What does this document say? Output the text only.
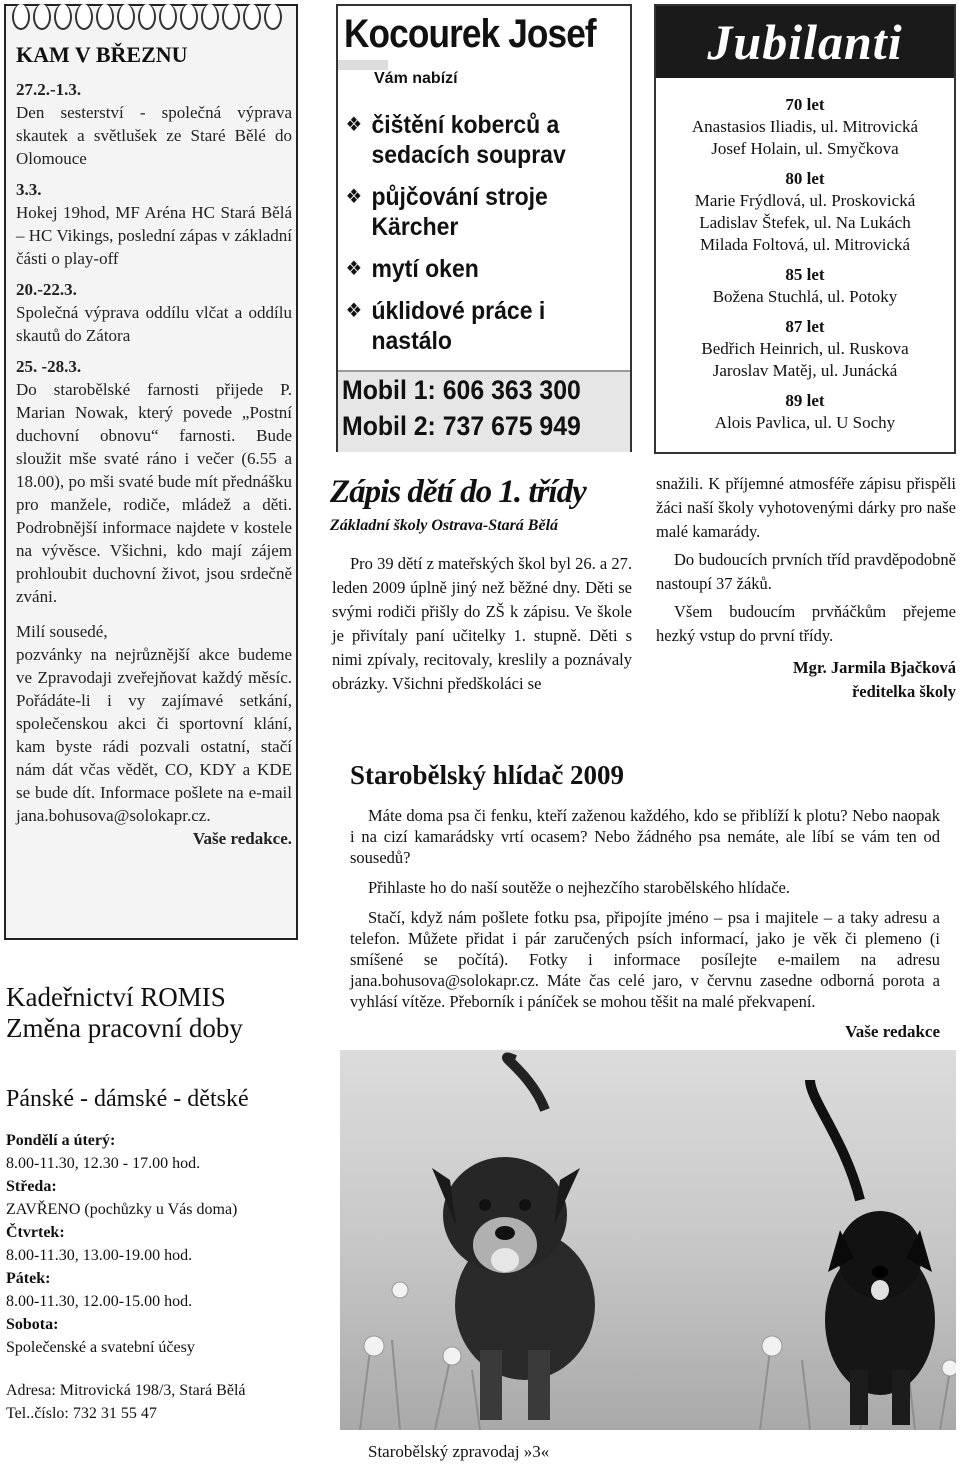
KAM V BŘEZNU
27.2.-1.3.

Den sesterství - společná výprava skautek a světlušek ze Staré Bělé do Olomouce

3.3.

Hokej 19hod, MF Aréna HC Stará Bělá – HC Vikings, poslední zápas v základní části o play-off

20.-22.3.

Společná výprava oddílu vlčat a oddílu skautů do Zátora

25. -28.3.

Do starobělské farnosti přijede P. Marian Nowak, který povede „Postní duchovní obnovu“ farnosti. Bude sloužit mše svaté ráno i večer (6.55 a 18.00), po mši svaté bude mít přednášku pro manžele, rodiče, mládež a děti. Podrobnější informace najdete v kostele na vývěsce. Všichni, kdo mají zájem prohloubit duchovní život, jsou srdečně zváni.

Milí sousedé,

pozvánky na nejrůznější akce budeme ve Zpravodaji zveřejňovat každý měsíc. Pořádáte-li i vy zajímavé setkání, společenskou akci či sportovní klání, kam byste rádi pozvali ostatní, stačí nám dát včas vědět, CO, KDY a KDE se bude dít. Informace pošlete na e-mail jana.bohusova@solokapr.cz.

Vaše redakce.

Kadeřnictví ROMIS
Změna pracovní doby
Pánské - dámské - dětské
Pondělí a úterý:
8.00-11.30, 12.30 - 17.00 hod.
Středa:
ZAVŘENO (pochůzky u Vás doma)
Čtvrtek:
8.00-11.30, 13.00-19.00 hod.
Pátek:
8.00-11.30, 12.00-15.00 hod.
Sobota:
Společenské a svatební účesy
Adresa: Mitrovická 198/3, Stará Bělá
Tel..číslo: 732 31 55 47
Kocourek Josef
Vám nabízí
❖ čištění koberců a sedacích souprav
❖ půjčování stroje Kärcher
❖ mytí oken
❖ úklidové práce i nastálo
Mobil 1: 606 363 300
Mobil 2: 737 675 949
Jubilanti
70 let
Anastasios Iliadis, ul. Mitrovická
Josef Holain, ul. Smyčkova
80 let
Marie Frýdlová, ul. Proskovická
Ladislav Štefek, ul. Na Lukách
Milada Foltová, ul. Mitrovická
85 let
Božena Stuchlá, ul. Potoky
87 let
Bedřich Heinrich, ul. Ruskova
Jaroslav Matěj, ul. Junácká
89 let
Alois Pavlica, ul. U Sochy
Zápis dětí do 1. třídy
Základní školy Ostrava-Stará Bělá

Pro 39 dětí z mateřských škol byl 26. a 27. leden 2009 úplně jiný než běžné dny. Děti se svými rodiči přišly do ZŠ k zápisu. Ve škole je přivítaly paní učitelky 1. stupně. Děti s nimi zpívaly, recitovaly, kreslily a poznávaly obrázky. Všichni předškoláci se

snažili. K příjemné atmosféře zápisu přispěli žáci naší školy vyhotovenými dárky pro naše malé kamarády.

Do budoucích prvních tříd pravděpodobně nastoupí 37 žáků.

Všem budoucím prvňáčkům přejeme hezký vstup do první třídy.

Mgr. Jarmila Bjačková

ředitelka školy

Starobělský hlídač 2009

Máte doma psa či fenku, kteří zaženou každého, kdo se přiblíží k plotu? Nebo naopak i na cizí kamarádsky vrtí ocasem? Nebo žádného psa nemáte, ale líbí se vám ten od sousedů?

Přihlaste ho do naší soutěže o nejhezčího starobělského hlídače.

Stačí, když nám pošlete fotku psa, připojíte jméno – psa i majitele – a taky adresu a telefon. Můžete přidat i pár zaručených psích informací, jako je věk či plemeno (i smíšené se počítá). Fotky i informace posílejte e-mailem na adresu jana.bohusova@solokapr.cz. Máte čas celé jaro, v červnu zasedne odborná porota a vyhlásí vítěze. Přeborník i páníček se mohou těšit na malé překvapení.

Vaše redakce
Starobělský zpravodaj »3«
